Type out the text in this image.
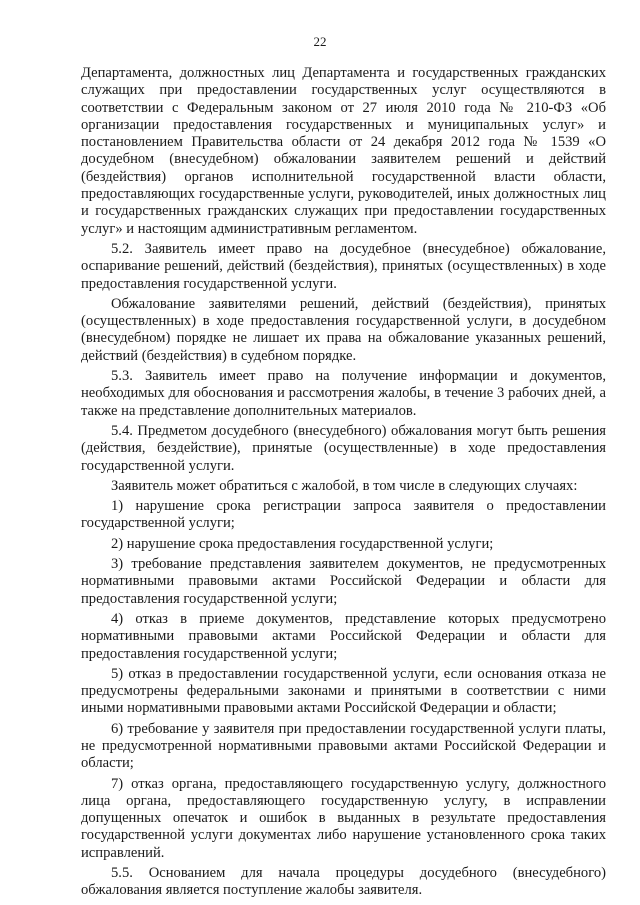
22

Департамента, должностных лиц Департамента и государственных гражданских служащих при предоставлении государственных услуг осуществляются в соответствии с Федеральным законом от 27 июля 2010 года № 210-ФЗ «Об организации предоставления государственных и муниципальных услуг» и постановлением Правительства области от 24 декабря 2012 года № 1539 «О досудебном (внесудебном) обжаловании заявителем решений и действий (бездействия) органов исполнительной государственной власти области, предоставляющих государственные услуги, руководителей, иных должностных лиц и государственных гражданских служащих при предоставлении государственных услуг» и настоящим административным регламентом.

5.2. Заявитель имеет право на досудебное (внесудебное) обжалование, оспаривание решений, действий (бездействия), принятых (осуществленных) в ходе предоставления государственной услуги.

Обжалование заявителями решений, действий (бездействия), принятых (осуществленных) в ходе предоставления государственной услуги, в досудебном (внесудебном) порядке не лишает их права на обжалование указанных решений, действий (бездействия) в судебном порядке.

5.3. Заявитель имеет право на получение информации и документов, необходимых для обоснования и рассмотрения жалобы, в течение 3 рабочих дней, а также на представление дополнительных материалов.

5.4. Предметом досудебного (внесудебного) обжалования могут быть решения (действия, бездействие), принятые (осуществленные) в ходе предоставления государственной услуги.

Заявитель может обратиться с жалобой, в том числе в следующих случаях:

1) нарушение срока регистрации запроса заявителя о предоставлении государственной услуги;

2) нарушение срока предоставления государственной услуги;

3) требование представления заявителем документов, не предусмотренных нормативными правовыми актами Российской Федерации и области для предоставления государственной услуги;

4) отказ в приеме документов, представление которых предусмотрено нормативными правовыми актами Российской Федерации и области для предоставления государственной услуги;

5) отказ в предоставлении государственной услуги, если основания отказа не предусмотрены федеральными законами и принятыми в соответствии с ними иными нормативными правовыми актами Российской Федерации и области;

6) требование у заявителя при предоставлении государственной услуги платы, не предусмотренной нормативными правовыми актами Российской Федерации и области;

7) отказ органа, предоставляющего государственную услугу, должностного лица органа, предоставляющего государственную услугу, в исправлении допущенных опечаток и ошибок в выданных в результате предоставления государственной услуги документах либо нарушение установленного срока таких исправлений.

5.5. Основанием для начала процедуры досудебного (внесудебного) обжалования является поступление жалобы заявителя.
